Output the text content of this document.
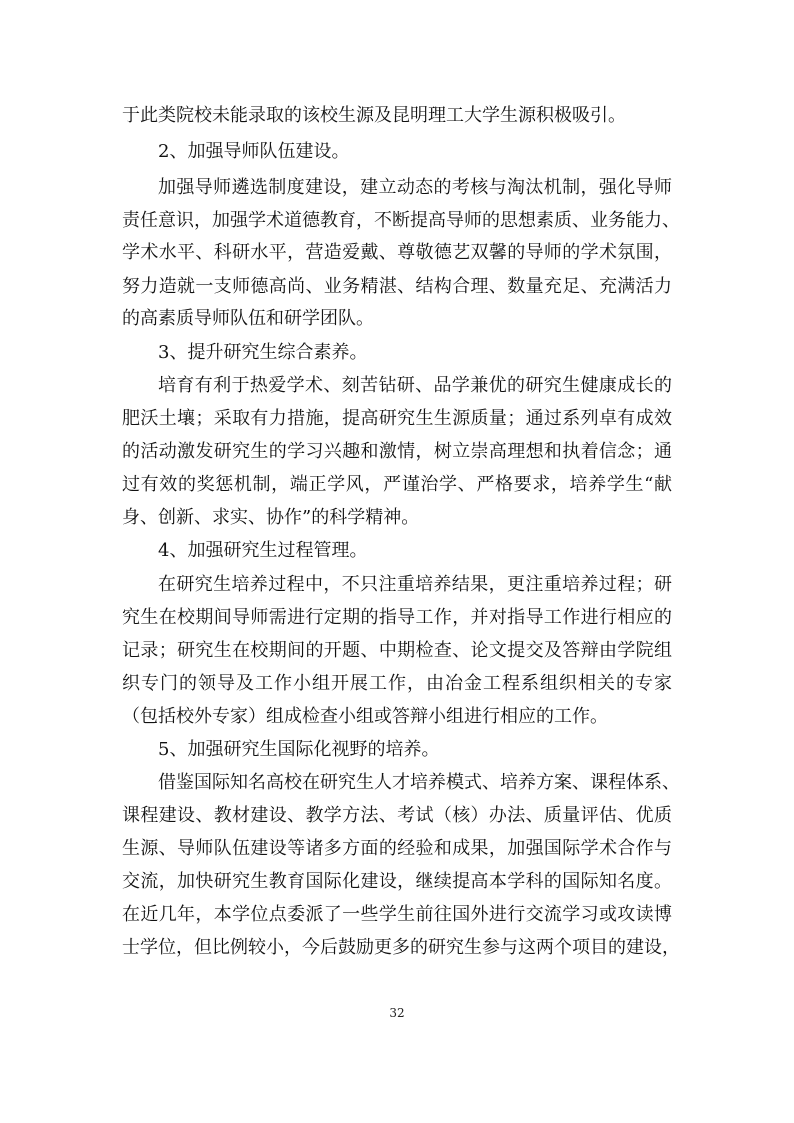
于此类院校未能录取的该校生源及昆明理工大学生源积极吸引。
2、加强导师队伍建设。
加强导师遴选制度建设，建立动态的考核与淘汰机制，强化导师
责任意识，加强学术道德教育，不断提高导师的思想素质、业务能力、
学术水平、科研水平，营造爱戴、尊敬德艺双馨的导师的学术氛围，
努力造就一支师德高尚、业务精湛、结构合理、数量充足、充满活力
的高素质导师队伍和研学团队。
3、提升研究生综合素养。
培育有利于热爱学术、刻苦钻研、品学兼优的研究生健康成长的
肥沃土壤；采取有力措施，提高研究生生源质量；通过系列卓有成效
的活动激发研究生的学习兴趣和激情，树立崇高理想和执着信念；通
过有效的奖惩机制，端正学风，严谨治学、严格要求，培养学生“献
身、创新、求实、协作”的科学精神。
4、加强研究生过程管理。
在研究生培养过程中，不只注重培养结果，更注重培养过程；研
究生在校期间导师需进行定期的指导工作，并对指导工作进行相应的
记录；研究生在校期间的开题、中期检查、论文提交及答辩由学院组
织专门的领导及工作小组开展工作，由冶金工程系组织相关的专家
（包括校外专家）组成检查小组或答辩小组进行相应的工作。
5、加强研究生国际化视野的培养。
借鉴国际知名高校在研究生人才培养模式、培养方案、课程体系、
课程建设、教材建设、教学方法、考试（核）办法、质量评估、优质
生源、导师队伍建设等诸多方面的经验和成果，加强国际学术合作与
交流，加快研究生教育国际化建设，继续提高本学科的国际知名度。
在近几年，本学位点委派了一些学生前往国外进行交流学习或攻读博
士学位，但比例较小，今后鼓励更多的研究生参与这两个项目的建设，
32
